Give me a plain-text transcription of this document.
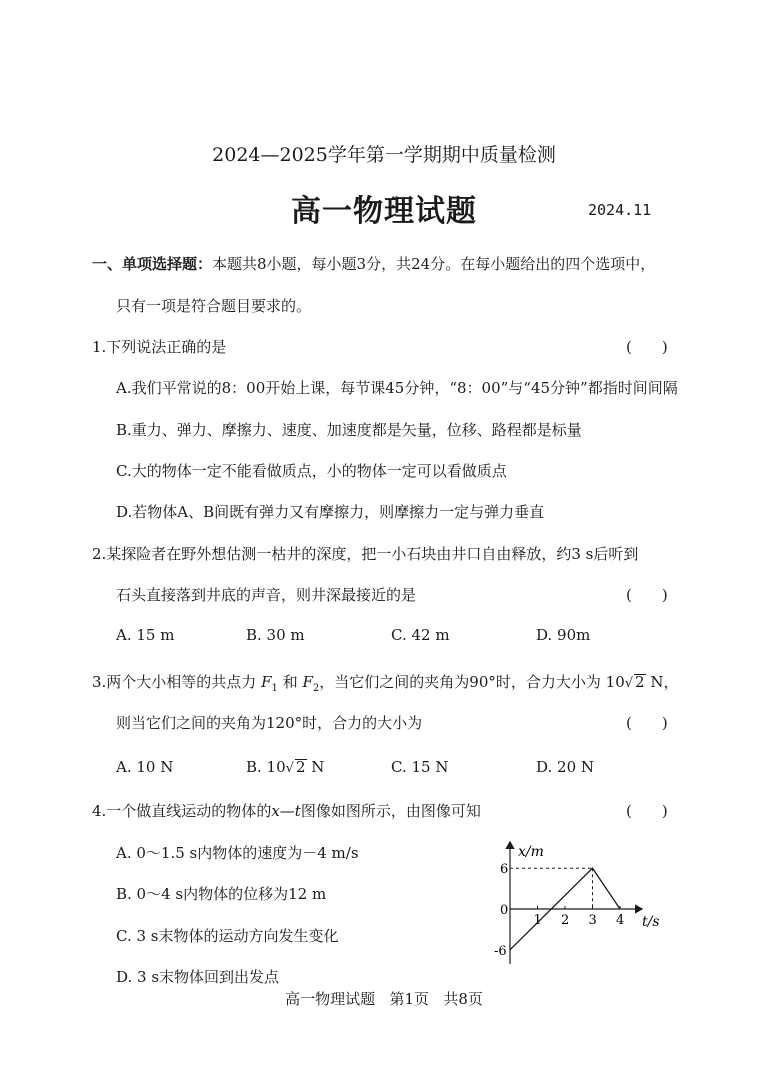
2024—2025学年第一学期期中质量检测
高一物理试题	2024.11
一、单项选择题：本题共8小题，每小题3分，共24分。在每小题给出的四个选项中，
只有一项是符合题目要求的。
1.下列说法正确的是	(　　)
A.我们平常说的8：00开始上课，每节课45分钟，“8：00”与“45分钟”都指时间间隔
B.重力、弹力、摩擦力、速度、加速度都是矢量，位移、路程都是标量
C.大的物体一定不能看做质点，小的物体一定可以看做质点
D.若物体A、B间既有弹力又有摩擦力，则摩擦力一定与弹力垂直
2.某探险者在野外想估测一枯井的深度，把一小石块由井口自由释放，约3 s后听到
石头直接落到井底的声音，则井深最接近的是	(　　)
A. 15 m	B. 30 m	C. 42 m	D. 90m
3.两个大小相等的共点力 $F_1$ 和 $F_2$，当它们之间的夹角为90°时，合力大小为 10√ 2 N，
则当它们之间的夹角为120°时，合力的大小为	(　　)
A. 10 N	B. 10√ 2 N	C. 15 N	D. 20 N
4.一个做直线运动的物体的x—t图像如图所示，由图像可知	(　　)
A. 0～1.5 s内物体的速度为－4 m/s
B. 0～4 s内物体的位移为12 m
C. 3 s末物体的运动方向发生变化
D. 3 s末物体回到出发点
1 2 3 4
6
0
-6
x/m
t/s
高一物理试题 第1页 共8页
